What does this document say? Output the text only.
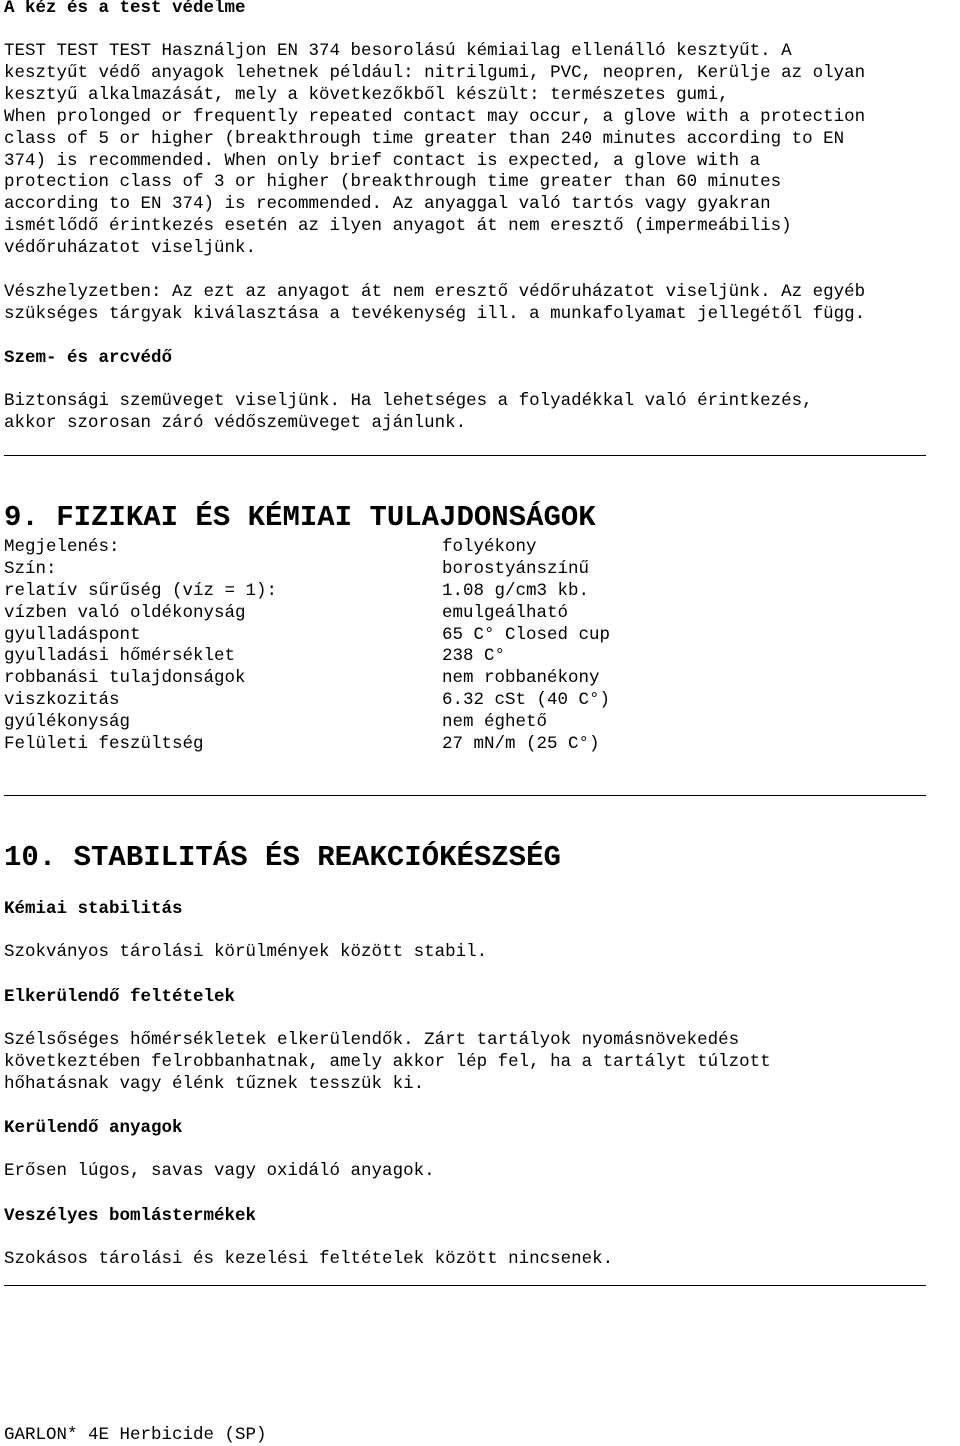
A kéz és a test védelme
TEST TEST TEST Használjon EN 374 besorolású kémiailag ellenálló kesztyűt. A
kesztyűt védő anyagok lehetnek például: nitrilgumi, PVC, neopren, Kerülje az olyan
kesztyű alkalmazását, mely a következőkből készült: természetes gumi,
When prolonged or frequently repeated contact may occur, a glove with a protection
class of 5 or higher (breakthrough time greater than 240 minutes according to EN
374) is recommended. When only brief contact is expected, a glove with a
protection class of 3 or higher (breakthrough time greater than 60 minutes
according to EN 374) is recommended. Az anyaggal való tartós vagy gyakran
ismétlődő érintkezés esetén az ilyen anyagot át nem eresztő (impermeábilis)
védőruházatot viseljünk.
Vészhelyzetben: Az ezt az anyagot át nem eresztő védőruházatot viseljünk. Az egyéb
szükséges tárgyak kiválasztása a tevékenység ill. a munkafolyamat jellegétől függ.
Szem- és arcvédő
Biztonsági szemüveget viseljünk. Ha lehetséges a folyadékkal való érintkezés,
akkor szorosan záró védőszemüveget ajánlunk.
9. FIZIKAI ÉS KÉMIAI TULAJDONSÁGOK
Megjelenés:	folyékony
Szín:	borostyánszínű
relatív sűrűség (víz = 1):	1.08 g/cm3 kb.
vízben való oldékonyság	emulgeálható
gyulladáspont	65 C° Closed cup
gyulladási hőmérséklet	238 C°
robbanási tulajdonságok	nem robbanékony
viszkozitás	6.32 cSt (40 C°)
gyúlékonyság	nem éghető
Felületi feszültség	27 mN/m (25 C°)
10. STABILITÁS ÉS REAKCIÓKÉSZSÉG
Kémiai stabilitás
Szokványos tárolási körülmények között stabil.
Elkerülendő feltételek
Szélsőséges hőmérsékletek elkerülendők. Zárt tartályok nyomásnövekedés
következtében felrobbanhatnak, amely akkor lép fel, ha a tartályt túlzott
hőhatásnak vagy élénk tűznek tesszük ki.
Kerülendő anyagok
Erősen lúgos, savas vagy oxidáló anyagok.
Veszélyes bomlástermékek
Szokásos tárolási és kezelési feltételek között nincsenek.
GARLON* 4E Herbicide (SP)
